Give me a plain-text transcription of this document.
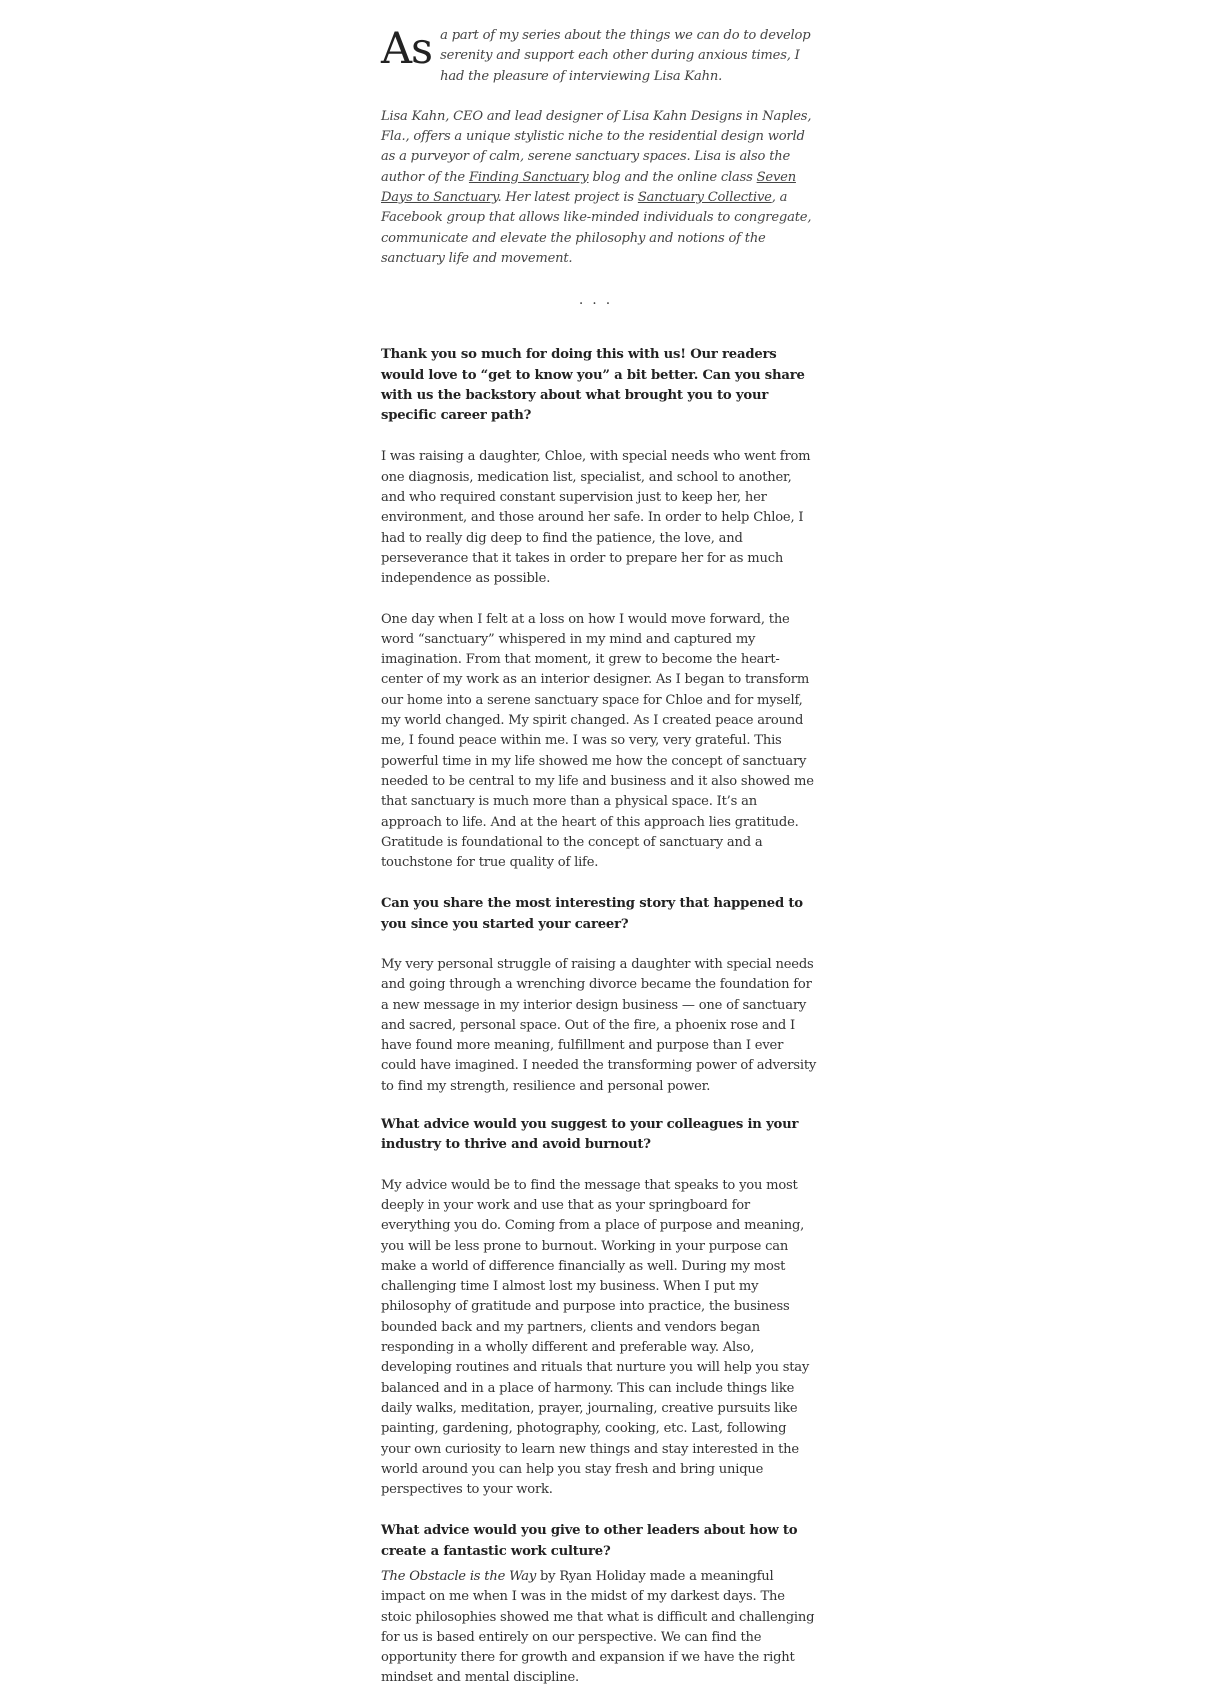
As a part of my series about the things we can do to develop serenity and support each other during anxious times, I had the pleasure of interviewing Lisa Kahn.

Lisa Kahn, CEO and lead designer of Lisa Kahn Designs in Naples, Fla., offers a unique stylistic niche to the residential design world as a purveyor of calm, serene sanctuary spaces. Lisa is also the author of the Finding Sanctuary blog and the online class Seven Days to Sanctuary. Her latest project is Sanctuary Collective, a Facebook group that allows like-minded individuals to congregate, communicate and elevate the philosophy and notions of the sanctuary life and movement.

...

Thank you so much for doing this with us! Our readers would love to “get to know you” a bit better. Can you share with us the backstory about what brought you to your specific career path?

I was raising a daughter, Chloe, with special needs who went from one diagnosis, medication list, specialist, and school to another, and who required constant supervision just to keep her, her environment, and those around her safe. In order to help Chloe, I had to really dig deep to find the patience, the love, and perseverance that it takes in order to prepare her for as much independence as possible.

One day when I felt at a loss on how I would move forward, the word “sanctuary” whispered in my mind and captured my imagination. From that moment, it grew to become the heart-center of my work as an interior designer. As I began to transform our home into a serene sanctuary space for Chloe and for myself, my world changed. My spirit changed. As I created peace around me, I found peace within me. I was so very, very grateful. This powerful time in my life showed me how the concept of sanctuary needed to be central to my life and business and it also showed me that sanctuary is much more than a physical space. It’s an approach to life. And at the heart of this approach lies gratitude. Gratitude is foundational to the concept of sanctuary and a touchstone for true quality of life.

Can you share the most interesting story that happened to you since you started your career?

My very personal struggle of raising a daughter with special needs and going through a wrenching divorce became the foundation for a new message in my interior design business — one of sanctuary and sacred, personal space. Out of the fire, a phoenix rose and I have found more meaning, fulfillment and purpose than I ever could have imagined. I needed the transforming power of adversity to find my strength, resilience and personal power.

What advice would you suggest to your colleagues in your industry to thrive and avoid burnout?

My advice would be to find the message that speaks to you most deeply in your work and use that as your springboard for everything you do. Coming from a place of purpose and meaning, you will be less prone to burnout. Working in your purpose can make a world of difference financially as well. During my most challenging time I almost lost my business. When I put my philosophy of gratitude and purpose into practice, the business bounded back and my partners, clients and vendors began responding in a wholly different and preferable way. Also, developing routines and rituals that nurture you will help you stay balanced and in a place of harmony. This can include things like daily walks, meditation, prayer, journaling, creative pursuits like painting, gardening, photography, cooking, etc. Last, following your own curiosity to learn new things and stay interested in the world around you can help you stay fresh and bring unique perspectives to your work.

What advice would you give to other leaders about how to create a fantastic work culture?

The Obstacle is the Way by Ryan Holiday made a meaningful impact on me when I was in the midst of my darkest days. The stoic philosophies showed me that what is difficult and challenging for us is based entirely on our perspective. We can find the opportunity there for growth and expansion if we have the right mindset and mental discipline.
